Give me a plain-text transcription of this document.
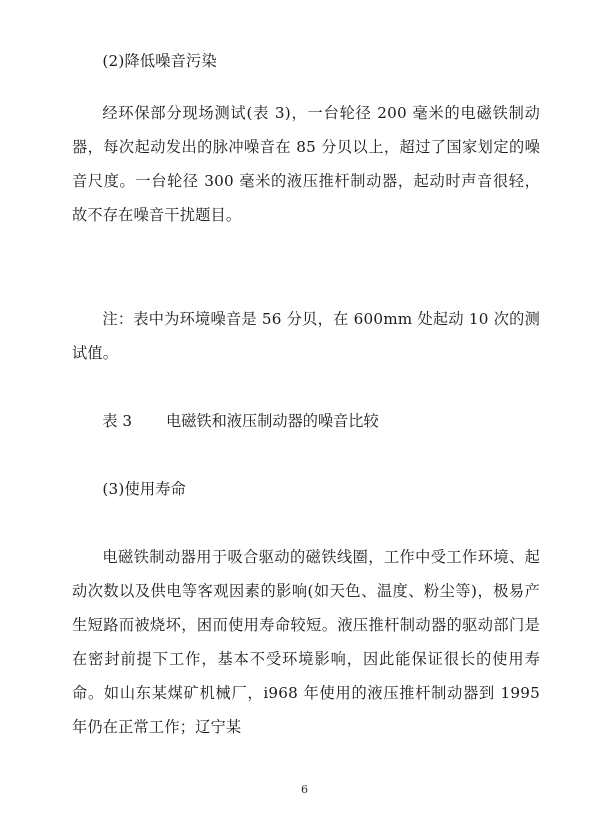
(2)降低噪音污染

经环保部分现场测试(表 3)，一台轮径 200 毫米的电磁铁制动器，每次起动发出的脉冲噪音在 85 分贝以上，超过了国家划定的噪音尺度。一台轮径 300 毫米的液压推杆制动器，起动时声音很轻，故不存在噪音干扰题目。

注：表中为环境噪音是 56 分贝，在 600mm 处起动 10 次的测试值。

表 3 电磁铁和液压制动器的噪音比较

(3)使用寿命

电磁铁制动器用于吸合驱动的磁铁线圈，工作中受工作环境、起动次数以及供电等客观因素的影响(如天色、温度、粉尘等)，极易产生短路而被烧坏，困而使用寿命较短。液压推杆制动器的驱动部门是在密封前提下工作，基本不受环境影响，因此能保证很长的使用寿命。如山东某煤矿机械厂，i968 年使用的液压推杆制动器到 1995 年仍在正常工作；辽宁某

6
